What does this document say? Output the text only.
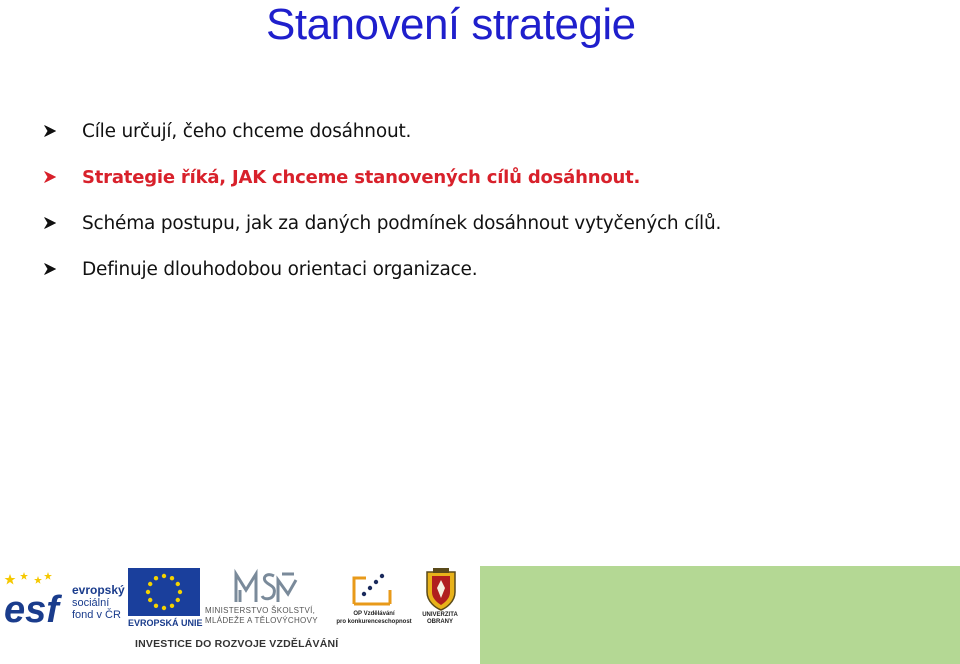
Stanovení strategie
Cíle určují, čeho chceme dosáhnout.
Strategie říká, JAK chceme stanovených cílů dosáhnout.
Schéma postupu, jak za daných podmínek dosáhnout vytyčených cílů.
Definuje dlouhodobou orientaci organizace.
esf evropský
sociální
fond v ČR
EVROPSKÁ UNIE
MINISTERSTVO ŠKOLSTVÍ,
MLÁDEŽE A TĚLOVÝCHOVY
OP Vzdělávání
pro konkurenceschopnost
UNIVERZITA
OBRANY
INVESTICE DO ROZVOJE VZDĚLÁVÁNÍ
